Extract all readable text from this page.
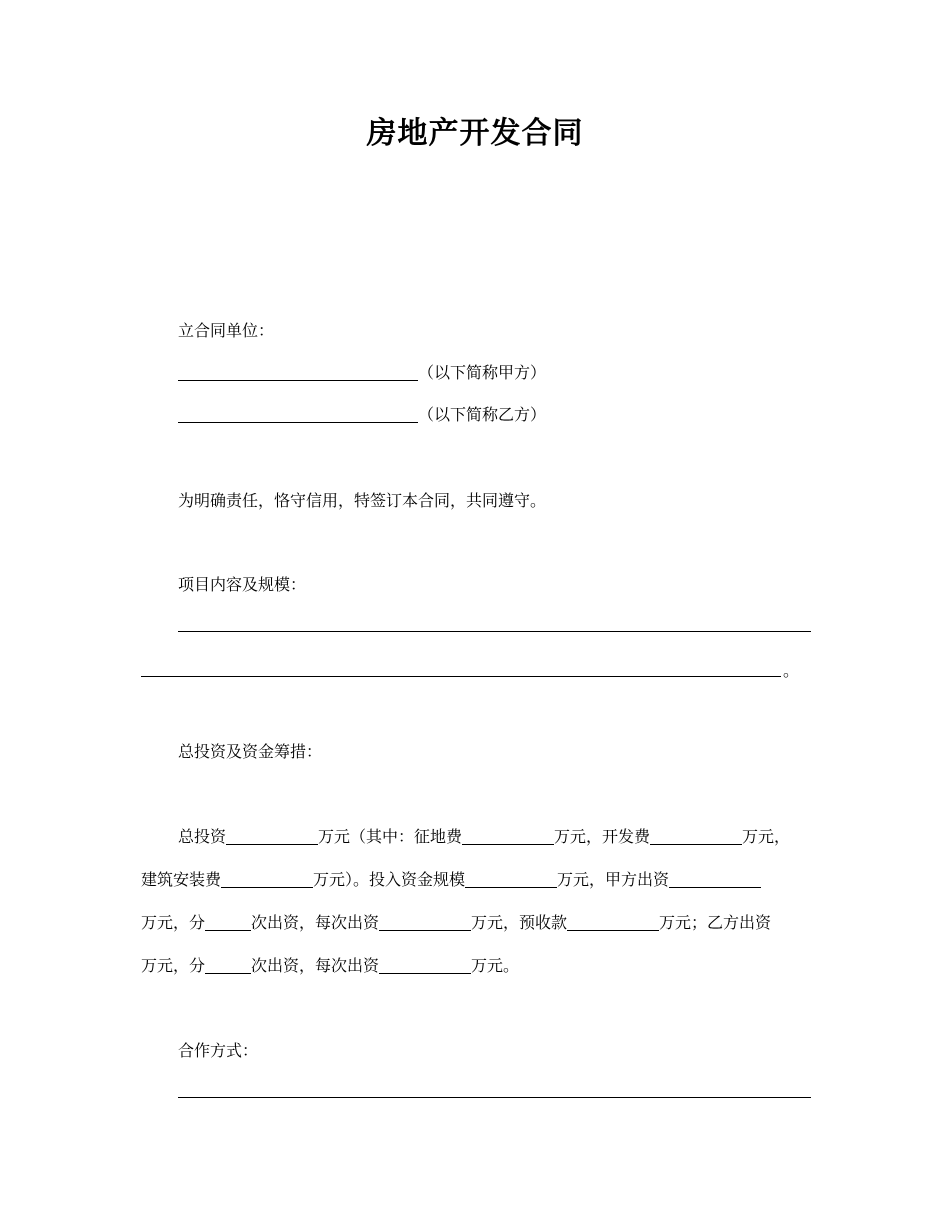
房地产开发合同
立合同单位：
（以下简称甲方）
（以下简称乙方）
为明确责任，恪守信用，特签订本合同，共同遵守。
项目内容及规模：
。
总投资及资金筹措：
总投资	万元（其中：征地费	万元，开发费	万元，
建筑安装费	万元）。投入资金规模	万元，甲方出资
万元，分	次出资，每次出资	万元，预收款	万元；乙方出资
万元，分	次出资，每次出资	万元。
合作方式：
